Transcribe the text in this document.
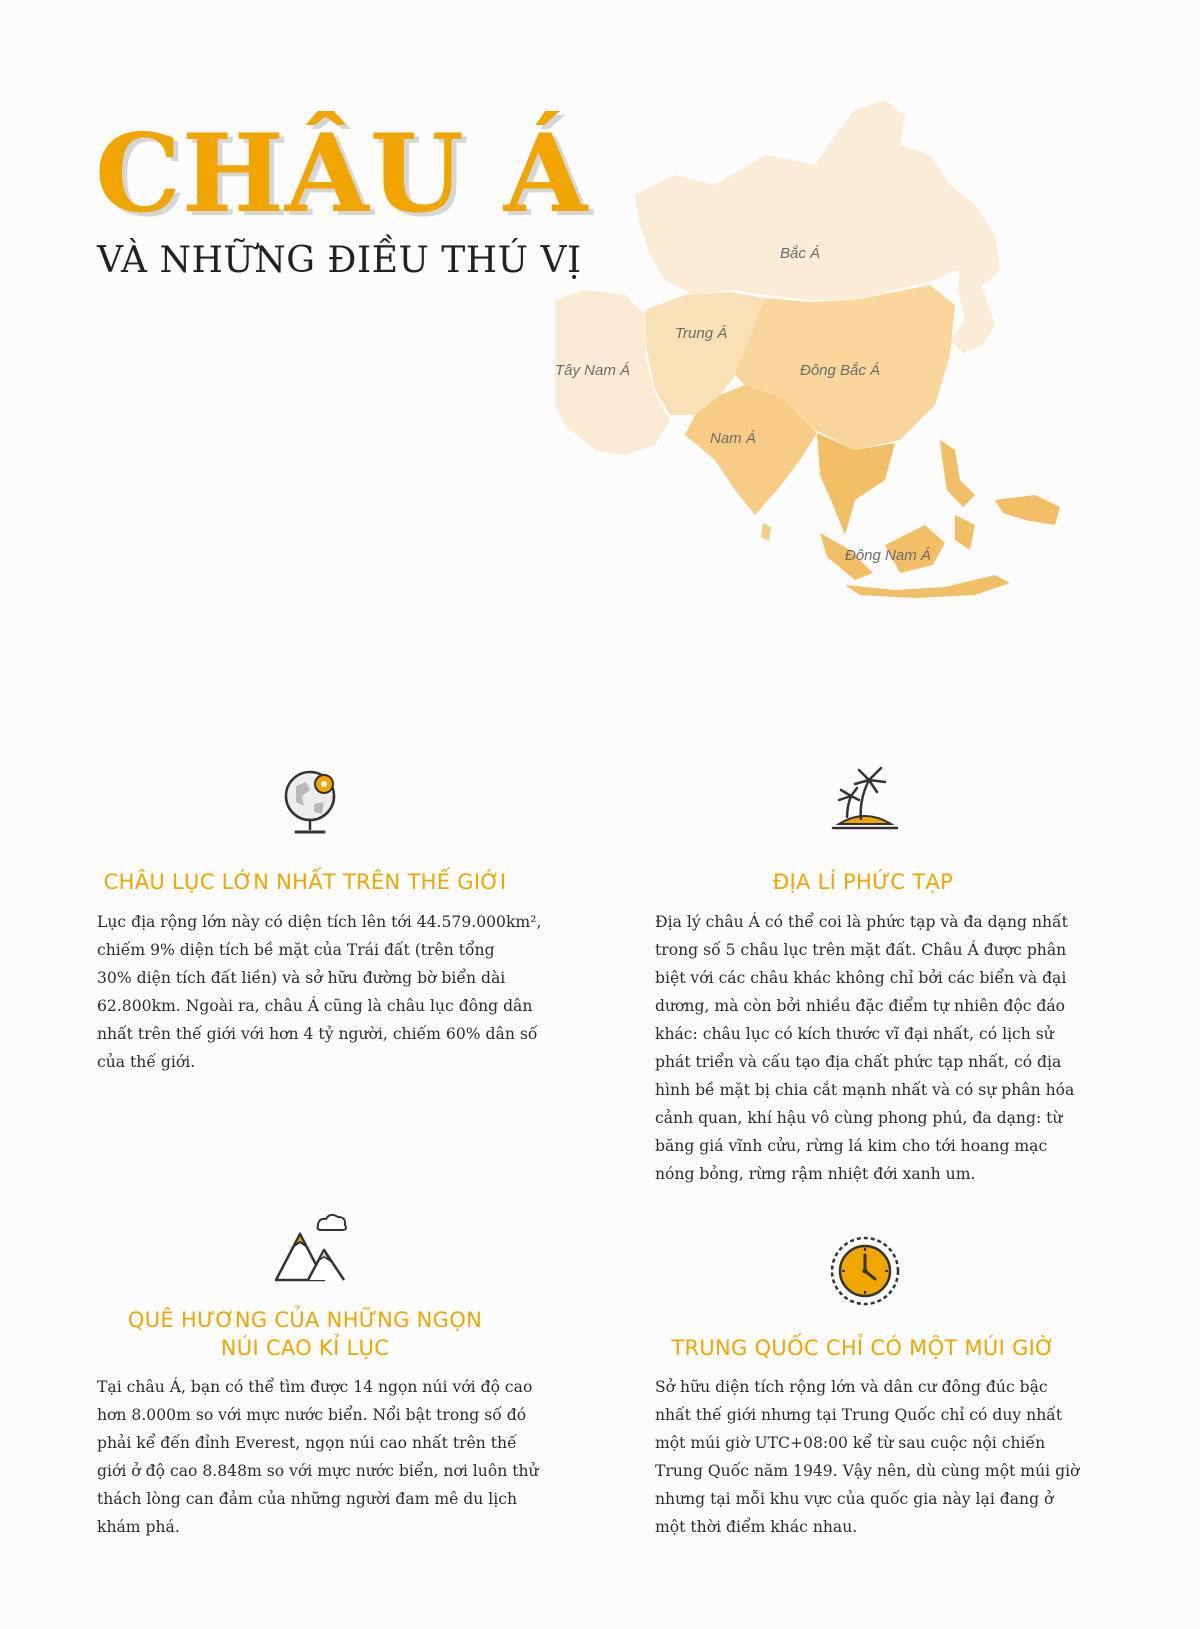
CHÂU Á
VÀ NHỮNG ĐIỀU THÚ VỊ	Bắc Á
Trung Á
Tây Nam Á	Đông Bắc Á
Nam Á
Đông Nam Á
CHÂU LỤC LỚN NHẤT TRÊN THẾ GIỚI

Lục địa rộng lớn này có diện tích lên tới 44.579.000km²,

chiếm 9% diện tích bề mặt của Trái đất (trên tổng

30% diện tích đất liền) và sở hữu đường bờ biển dài

62.800km. Ngoài ra, châu Á cũng là châu lục đông dân

nhất trên thế giới với hơn 4 tỷ người, chiếm 60% dân số

của thế giới.

ĐỊA LÍ PHỨC TẠP

Địa lý châu Á có thể coi là phức tạp và đa dạng nhất

trong số 5 châu lục trên mặt đất. Châu Á được phân

biệt với các châu khác không chỉ bởi các biển và đại

dương, mà còn bởi nhiều đặc điểm tự nhiên độc đáo

khác: châu lục có kích thước vĩ đại nhất, có lịch sử

phát triển và cấu tạo địa chất phức tạp nhất, có địa

hình bề mặt bị chia cắt mạnh nhất và có sự phân hóa

cảnh quan, khí hậu vô cùng phong phú, đa dạng: từ

băng giá vĩnh cửu, rừng lá kim cho tới hoang mạc

nóng bỏng, rừng rậm nhiệt đới xanh um.

QUÊ HƯƠNG CỦA NHỮNG NGỌN
NÚI CAO KỈ LỤC

Tại châu Á, bạn có thể tìm được 14 ngọn núi với độ cao

hơn 8.000m so với mực nước biển. Nổi bật trong số đó

phải kể đến đỉnh Everest, ngọn núi cao nhất trên thế

giới ở độ cao 8.848m so với mực nước biển, nơi luôn thử

thách lòng can đảm của những người đam mê du lịch

khám phá.

TRUNG QUỐC CHỈ CÓ MỘT MÚI GIỜ

Sở hữu diện tích rộng lớn và dân cư đông đúc bậc

nhất thế giới nhưng tại Trung Quốc chỉ có duy nhất

một múi giờ UTC+08:00 kể từ sau cuộc nội chiến

Trung Quốc năm 1949. Vậy nên, dù cùng một múi giờ

nhưng tại mỗi khu vực của quốc gia này lại đang ở

một thời điểm khác nhau.
